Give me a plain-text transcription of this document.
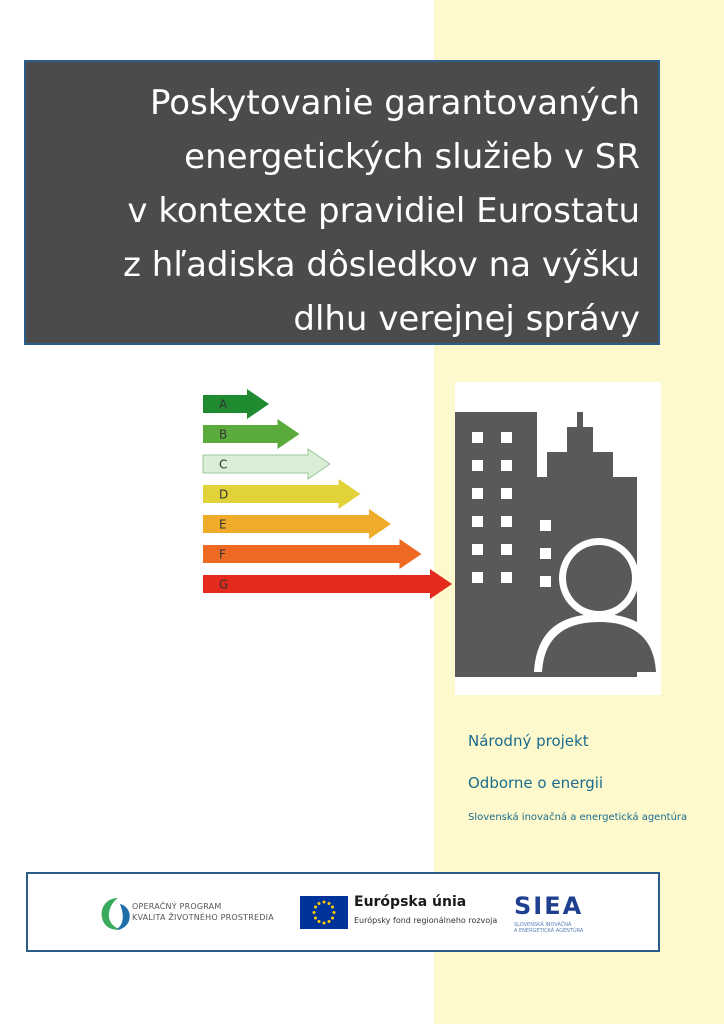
Poskytovanie garantovaných
energetických služieb v SR
v kontexte pravidiel Eurostatu
z hľadiska dôsledkov na výšku
dlhu verejnej správy
A
B
C
D
E
F
G
Národný projekt
Odborne o energii
Slovenská inovačná a energetická agentúra
OPERAČNÝ PROGRAM
KVALITA ŽIVOTNÉHO PROSTREDIA
Európska únia
Európsky fond regionálneho rozvoja
SIEA
SLOVENSKÁ INOVAČNÁ
A ENERGETICKÁ AGENTÚRA
